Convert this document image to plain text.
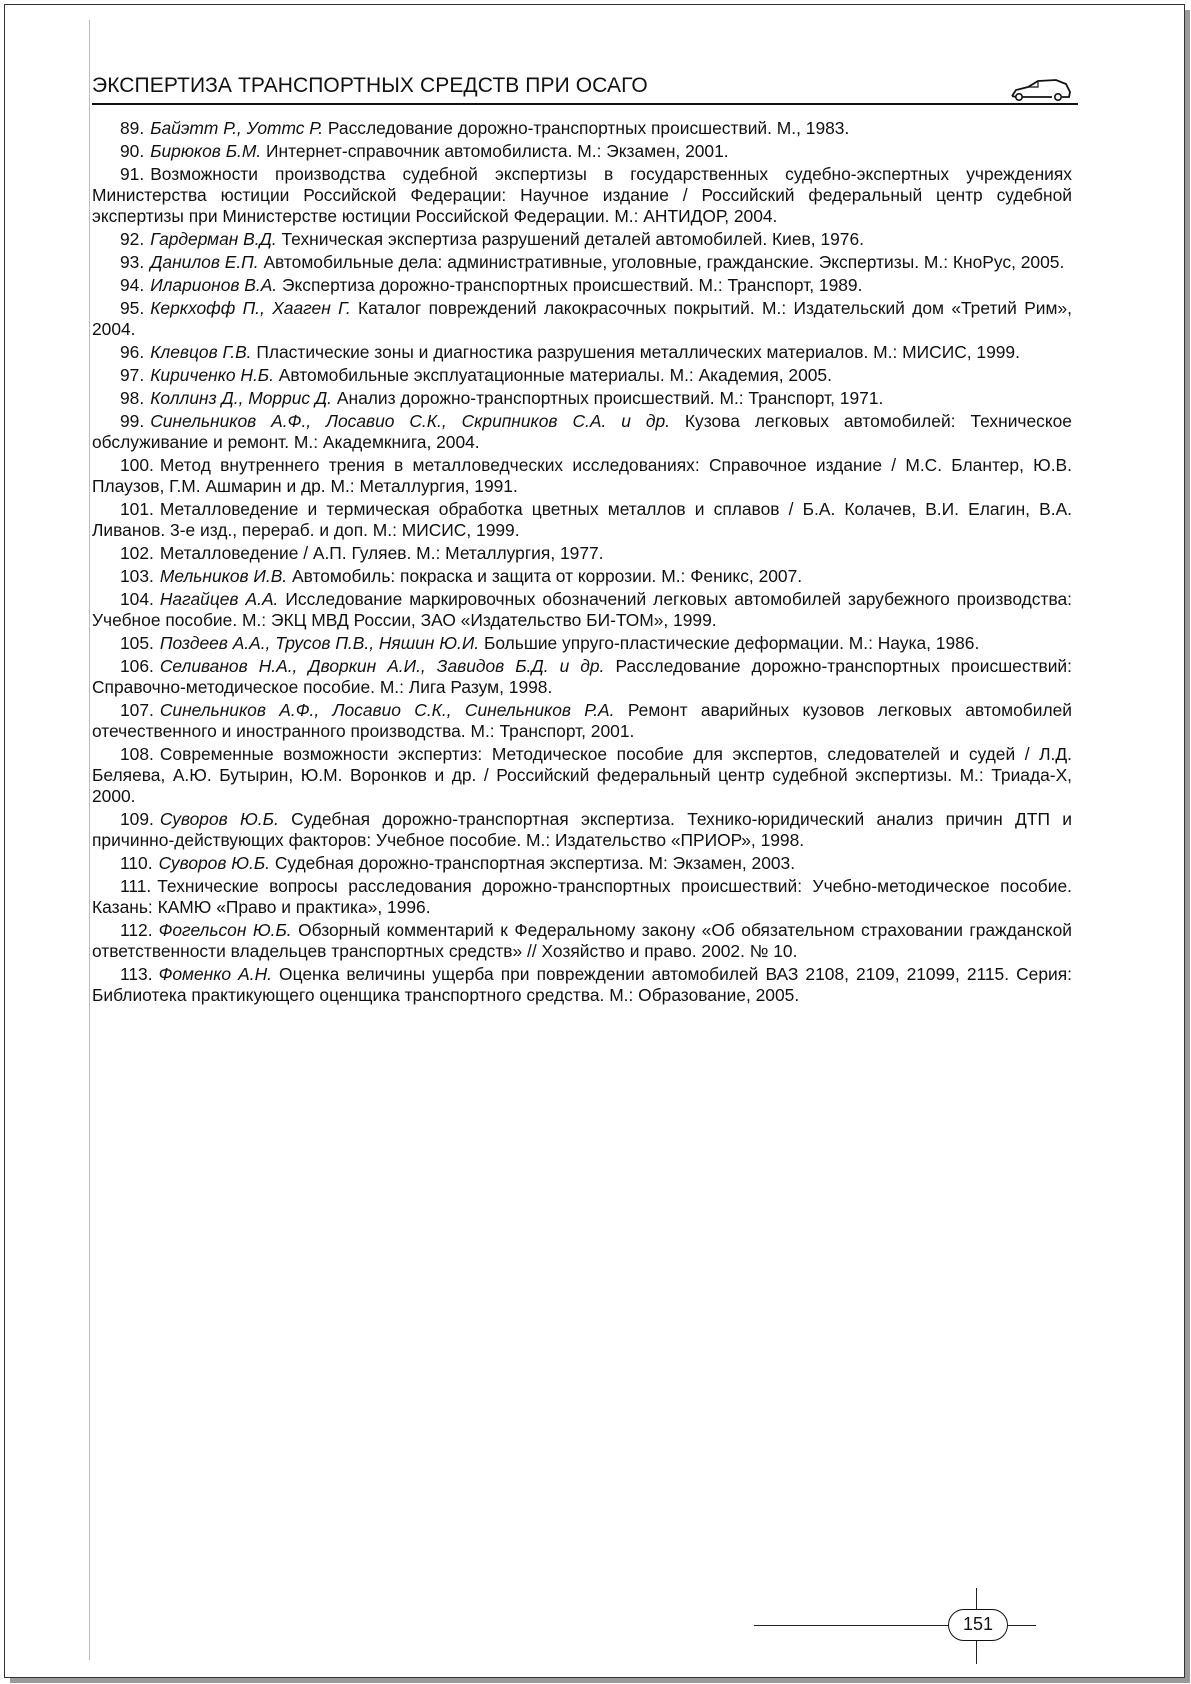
ЭКСПЕРТИЗА ТРАНСПОРТНЫХ СРЕДСТВ ПРИ ОСАГО
89. Байэтт Р., Уоттс Р. Расследование дорожно-транспортных происшествий. М., 1983.
90. Бирюков Б.М. Интернет-справочник автомобилиста. М.: Экзамен, 2001.
91. Возможности производства судебной экспертизы в государственных судебно-экспертных учреждениях Министерства юстиции Российской Федерации: Научное издание / Российский федеральный центр судебной экспертизы при Министерстве юстиции Российской Федерации. М.: АНТИДОР, 2004.
92. Гардерман В.Д. Техническая экспертиза разрушений деталей автомобилей. Киев, 1976.
93. Данилов Е.П. Автомобильные дела: административные, уголовные, гражданские. Экспертизы. М.: КноРус, 2005.
94. Иларионов В.А. Экспертиза дорожно-транспортных происшествий. М.: Транспорт, 1989.
95. Керкхофф П., Хааген Г. Каталог повреждений лакокрасочных покрытий. М.: Издательский дом «Третий Рим», 2004.
96. Клевцов Г.В. Пластические зоны и диагностика разрушения металлических материалов. М.: МИСИС, 1999.
97. Кириченко Н.Б. Автомобильные эксплуатационные материалы. М.: Академия, 2005.
98. Коллинз Д., Моррис Д. Анализ дорожно-транспортных происшествий. М.: Транспорт, 1971.
99. Синельников А.Ф., Лосавио С.К., Скрипников С.А. и др. Кузова легковых автомобилей: Техническое обслуживание и ремонт. М.: Академкнига, 2004.
100. Метод внутреннего трения в металловедческих исследованиях: Справочное издание / М.С. Блантер, Ю.В. Плаузов, Г.М. Ашмарин и др. М.: Металлургия, 1991.
101. Металловедение и термическая обработка цветных металлов и сплавов / Б.А. Колачев, В.И. Елагин, В.А. Ливанов. 3-е изд., перераб. и доп. М.: МИСИС, 1999.
102. Металловедение / А.П. Гуляев. М.: Металлургия, 1977.
103. Мельников И.В. Автомобиль: покраска и защита от коррозии. М.: Феникс, 2007.
104. Нагайцев А.А. Исследование маркировочных обозначений легковых автомобилей зарубежного производства: Учебное пособие. М.: ЭКЦ МВД России, ЗАО «Издательство БИ-ТОМ», 1999.
105. Поздеев А.А., Трусов П.В., Няшин Ю.И. Большие упруго-пластические деформации. М.: Наука, 1986.
106. Селиванов Н.А., Дворкин А.И., Завидов Б.Д. и др. Расследование дорожно-транспортных происшествий: Справочно-методическое пособие. М.: Лига Разум, 1998.
107. Синельников А.Ф., Лосавио С.К., Синельников Р.А. Ремонт аварийных кузовов легковых автомобилей отечественного и иностранного производства. М.: Транспорт, 2001.
108. Современные возможности экспертиз: Методическое пособие для экспертов, следователей и судей / Л.Д. Беляева, А.Ю. Бутырин, Ю.М. Воронков и др. / Российский федеральный центр судебной экспертизы. М.: Триада-Х, 2000.
109. Суворов Ю.Б. Судебная дорожно-транспортная экспертиза. Технико-юридический анализ причин ДТП и причинно-действующих факторов: Учебное пособие. М.: Издательство «ПРИОР», 1998.
110. Суворов Ю.Б. Судебная дорожно-транспортная экспертиза. М: Экзамен, 2003.
111. Технические вопросы расследования дорожно-транспортных происшествий: Учебно-методическое пособие. Казань: КАМЮ «Право и практика», 1996.
112. Фогельсон Ю.Б. Обзорный комментарий к Федеральному закону «Об обязательном страховании гражданской ответственности владельцев транспортных средств» // Хозяйство и право. 2002. № 10.
113. Фоменко А.Н. Оценка величины ущерба при повреждении автомобилей ВАЗ 2108, 2109, 21099, 2115. Серия: Библиотека практикующего оценщика транспортного средства. М.: Образование, 2005.
151
